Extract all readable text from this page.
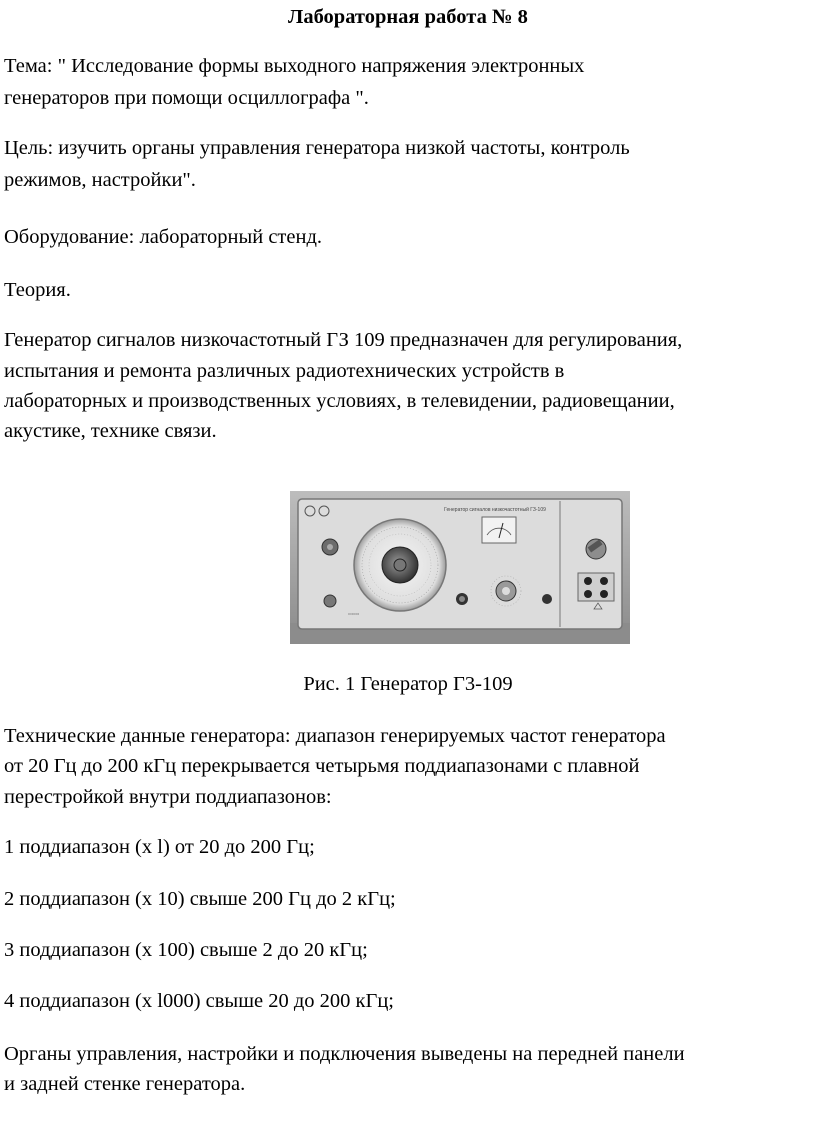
Лабораторная работа № 8

Тема: " Исследование формы выходного напряжения электронных

генераторов при помощи осциллографа ".

Цель: изучить органы управления генератора низкой частоты, контроль

режимов, настройки".

Оборудование: лабораторный стенд.

Теория.

Генератор сигналов низкочастотный ГЗ 109 предназначен для регулирования,

испытания и ремонта различных радиотехнических устройств в

лабораторных и производственных условиях, в телевидении, радиовещании,

акустике, технике связи.

Генератор сигналов низкочастотный ГЗ-109
▭▭▭

Рис. 1 Генератор Г3-109

Технические данные генератора: диапазон генерируемых частот генератора

от 20 Гц до 200 кГц перекрывается четырьмя поддиапазонами с плавной

перестройкой внутри поддиапазонов:

1 поддиапазон (х l) от 20 до 200 Гц;

2 поддиапазон (х 10) свыше 200 Гц до 2 кГц;

3 поддиапазон (х 100) свыше 2 до 20 кГц;

4 поддиапазон (х l000) свыше 20 до 200 кГц;

Органы управления, настройки и подключения выведены на передней панели

и задней стенке генератора.
